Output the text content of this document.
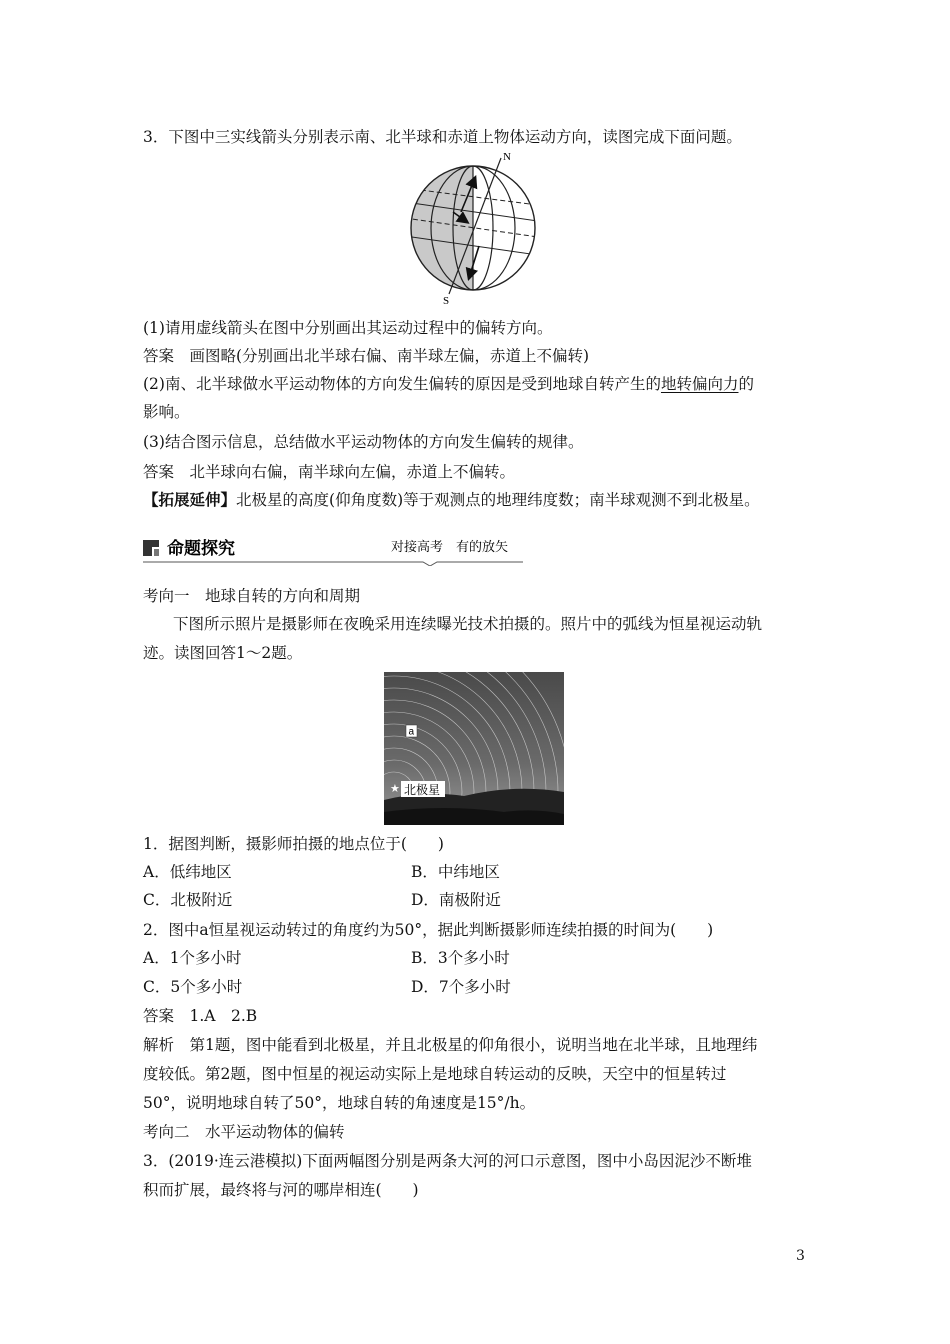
3．下图中三实线箭头分别表示南、北半球和赤道上物体运动方向，读图完成下面问题。
N
S
(1)请用虚线箭头在图中分别画出其运动过程中的偏转方向。
答案　画图略(分别画出北半球右偏、南半球左偏，赤道上不偏转)
(2)南、北半球做水平运动物体的方向发生偏转的原因是受到地球自转产生的地转偏向力的
影响。
(3)结合图示信息，总结做水平运动物体的方向发生偏转的规律。
答案　北半球向右偏，南半球向左偏，赤道上不偏转。
【拓展延伸】北极星的高度(仰角度数)等于观测点的地理纬度数；南半球观测不到北极星。
命题探究	对接高考　有的放矢
考向一　地球自转的方向和周期
下图所示照片是摄影师在夜晚采用连续曝光技术拍摄的。照片中的弧线为恒星视运动轨
迹。读图回答1～2题。
a
★ 北极星
1．据图判断，摄影师拍摄的地点位于(　　)
A．低纬地区	B．中纬地区
C．北极附近	D．南极附近
2．图中a恒星视运动转过的角度约为50°，据此判断摄影师连续拍摄的时间为(　　)
A．1个多小时	B．3个多小时
C．5个多小时	D．7个多小时
答案　1.A　2.B
解析　第1题，图中能看到北极星，并且北极星的仰角很小，说明当地在北半球，且地理纬
度较低。第2题，图中恒星的视运动实际上是地球自转运动的反映，天空中的恒星转过
50°，说明地球自转了50°，地球自转的角速度是15°/h。
考向二　水平运动物体的偏转
3．(2019·连云港模拟)下面两幅图分别是两条大河的河口示意图，图中小岛因泥沙不断堆
积而扩展，最终将与河的哪岸相连(　　)
3
